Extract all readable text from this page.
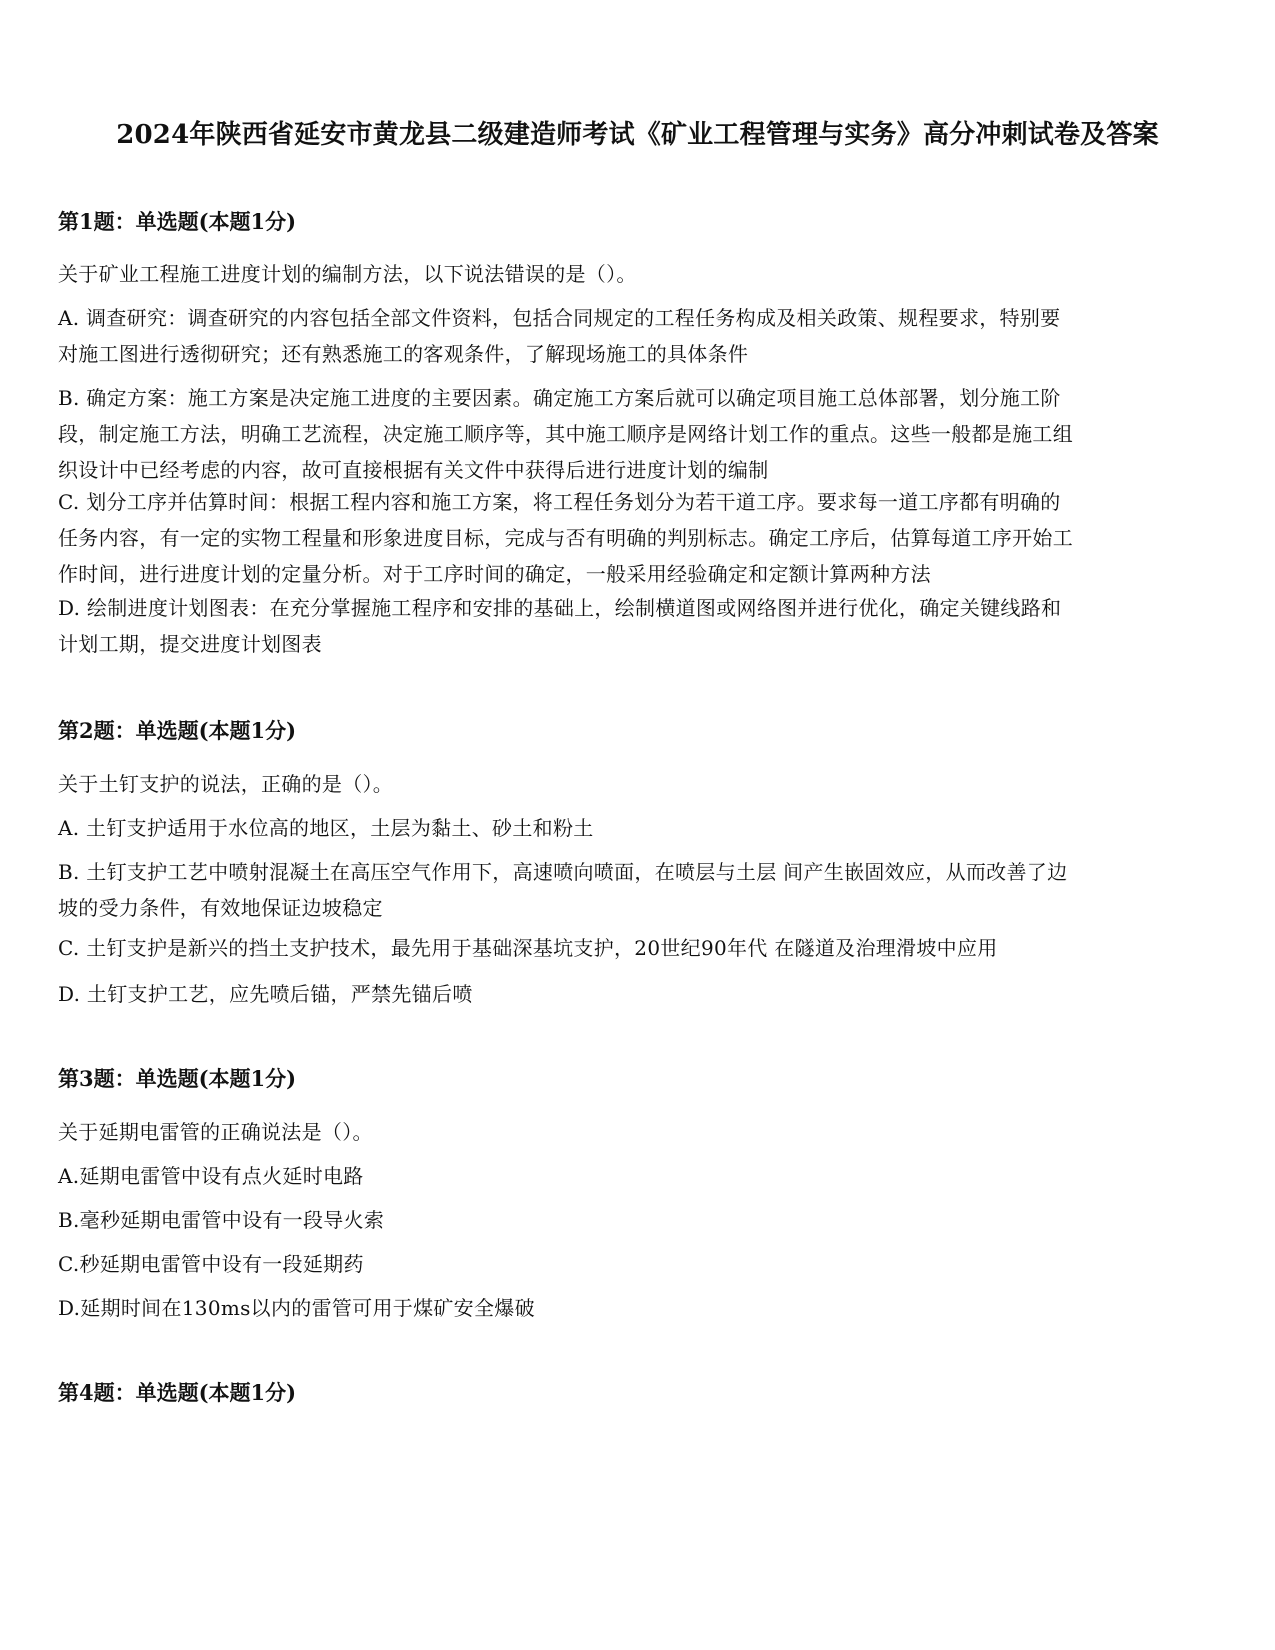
2024年陕西省延安市黄龙县二级建造师考试《矿业工程管理与实务》高分冲刺试卷及答案
第1题：单选题(本题1分)
关于矿业工程施工进度计划的编制方法，以下说法错误的是（）。
A. 调查研究：调查研究的内容包括全部文件资料，包括合同规定的工程任务构成及相关政策、规程要求，特别要
对施工图进行透彻研究；还有熟悉施工的客观条件，了解现场施工的具体条件
B. 确定方案：施工方案是决定施工进度的主要因素。确定施工方案后就可以确定项目施工总体部署，划分施工阶
段，制定施工方法，明确工艺流程，决定施工顺序等，其中施工顺序是网络计划工作的重点。这些一般都是施工组
织设计中已经考虑的内容，故可直接根据有关文件中获得后进行进度计划的编制
C. 划分工序并估算时间：根据工程内容和施工方案，将工程任务划分为若干道工序。要求每一道工序都有明确的
任务内容，有一定的实物工程量和形象进度目标，完成与否有明确的判别标志。确定工序后，估算每道工序开始工
作时间，进行进度计划的定量分析。对于工序时间的确定，一般采用经验确定和定额计算两种方法
D. 绘制进度计划图表：在充分掌握施工程序和安排的基础上，绘制横道图或网络图并进行优化，确定关键线路和
计划工期，提交进度计划图表
第2题：单选题(本题1分)
关于土钉支护的说法，正确的是（）。
A. 土钉支护适用于水位高的地区，土层为黏土、砂土和粉土
B. 土钉支护工艺中喷射混凝土在高压空气作用下，高速喷向喷面，在喷层与土层 间产生嵌固效应，从而改善了边
坡的受力条件，有效地保证边坡稳定
C. 土钉支护是新兴的挡土支护技术，最先用于基础深基坑支护，20世纪90年代 在隧道及治理滑坡中应用
D. 土钉支护工艺，应先喷后锚，严禁先锚后喷
第3题：单选题(本题1分)
关于延期电雷管的正确说法是（）。
A.延期电雷管中设有点火延时电路
B.毫秒延期电雷管中设有一段导火索
C.秒延期电雷管中设有一段延期药
D.延期时间在130ms以内的雷管可用于煤矿安全爆破
第4题：单选题(本题1分)
